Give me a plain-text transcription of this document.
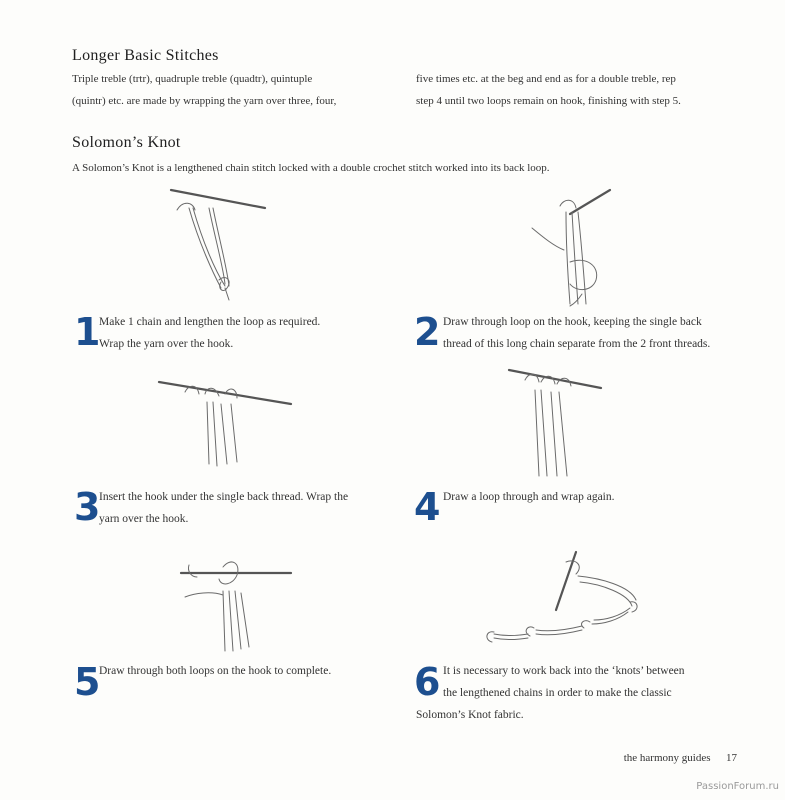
Longer Basic Stitches
Triple treble (trtr), quadruple treble (quadtr), quintuple
(quintr) etc. are made by wrapping the yarn over three, four,
five times etc. at the beg and end as for a double treble, rep
step 4 until two loops remain on hook, finishing with step 5.
Solomon’s Knot
A Solomon’s Knot is a lengthened chain stitch locked with a double crochet stitch worked into its back loop.
1
Make 1 chain and lengthen the loop as required.
Wrap the yarn over the hook.	2 Draw through loop on the hook, keeping the single back
thread of this long chain separate from the 2 front threads.
3
Insert the hook under the single back thread. Wrap the
yarn over the hook.	4 Draw a loop through and wrap again.
5
Draw through both loops on the hook to complete.	6 It is necessary to work back into the ‘knots’ between
the lengthened chains in order to make the classic
Solomon’s Knot fabric.
the harmony guides 17
PassionForum.ru
